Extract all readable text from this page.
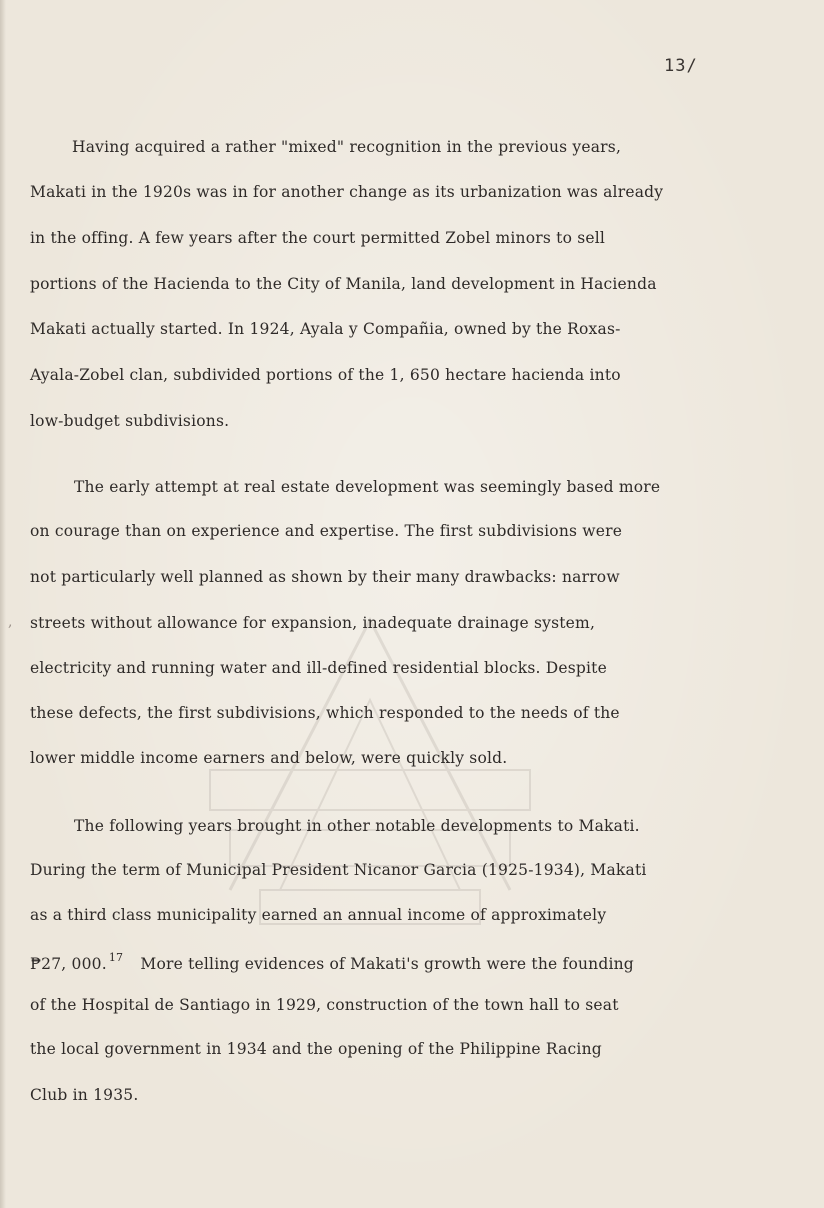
13/
Having acquired a rather "mixed" recognition in the previous years,
Makati in the 1920s was in for another change as its urbanization was already
in the offing. A few years after the court permitted Zobel minors to sell
portions of the Hacienda to the City of Manila, land development in Hacienda
Makati actually started. In 1924, Ayala y Compañia, owned by the Roxas-
Ayala-Zobel clan, subdivided portions of the 1, 650 hectare hacienda into
low-budget subdivisions.
The early attempt at real estate development was seemingly based more
on courage than on experience and expertise. The first subdivisions were
not particularly well planned as shown by their many drawbacks: narrow
, streets without allowance for expansion, inadequate drainage system,
electricity and running water and ill-defined residential blocks. Despite
these defects, the first subdivisions, which responded to the needs of the
lower middle income earners and below, were quickly sold.
The following years brought in other notable developments to Makati.
During the term of Municipal President Nicanor Garcia (1925-1934), Makati
as a third class municipality earned an annual income of approximately
₱27, 000. $^{17}$ More telling evidences of Makati's growth were the founding
of the Hospital de Santiago in 1929, construction of the town hall to seat
the local government in 1934 and the opening of the Philippine Racing
Club in 1935.
